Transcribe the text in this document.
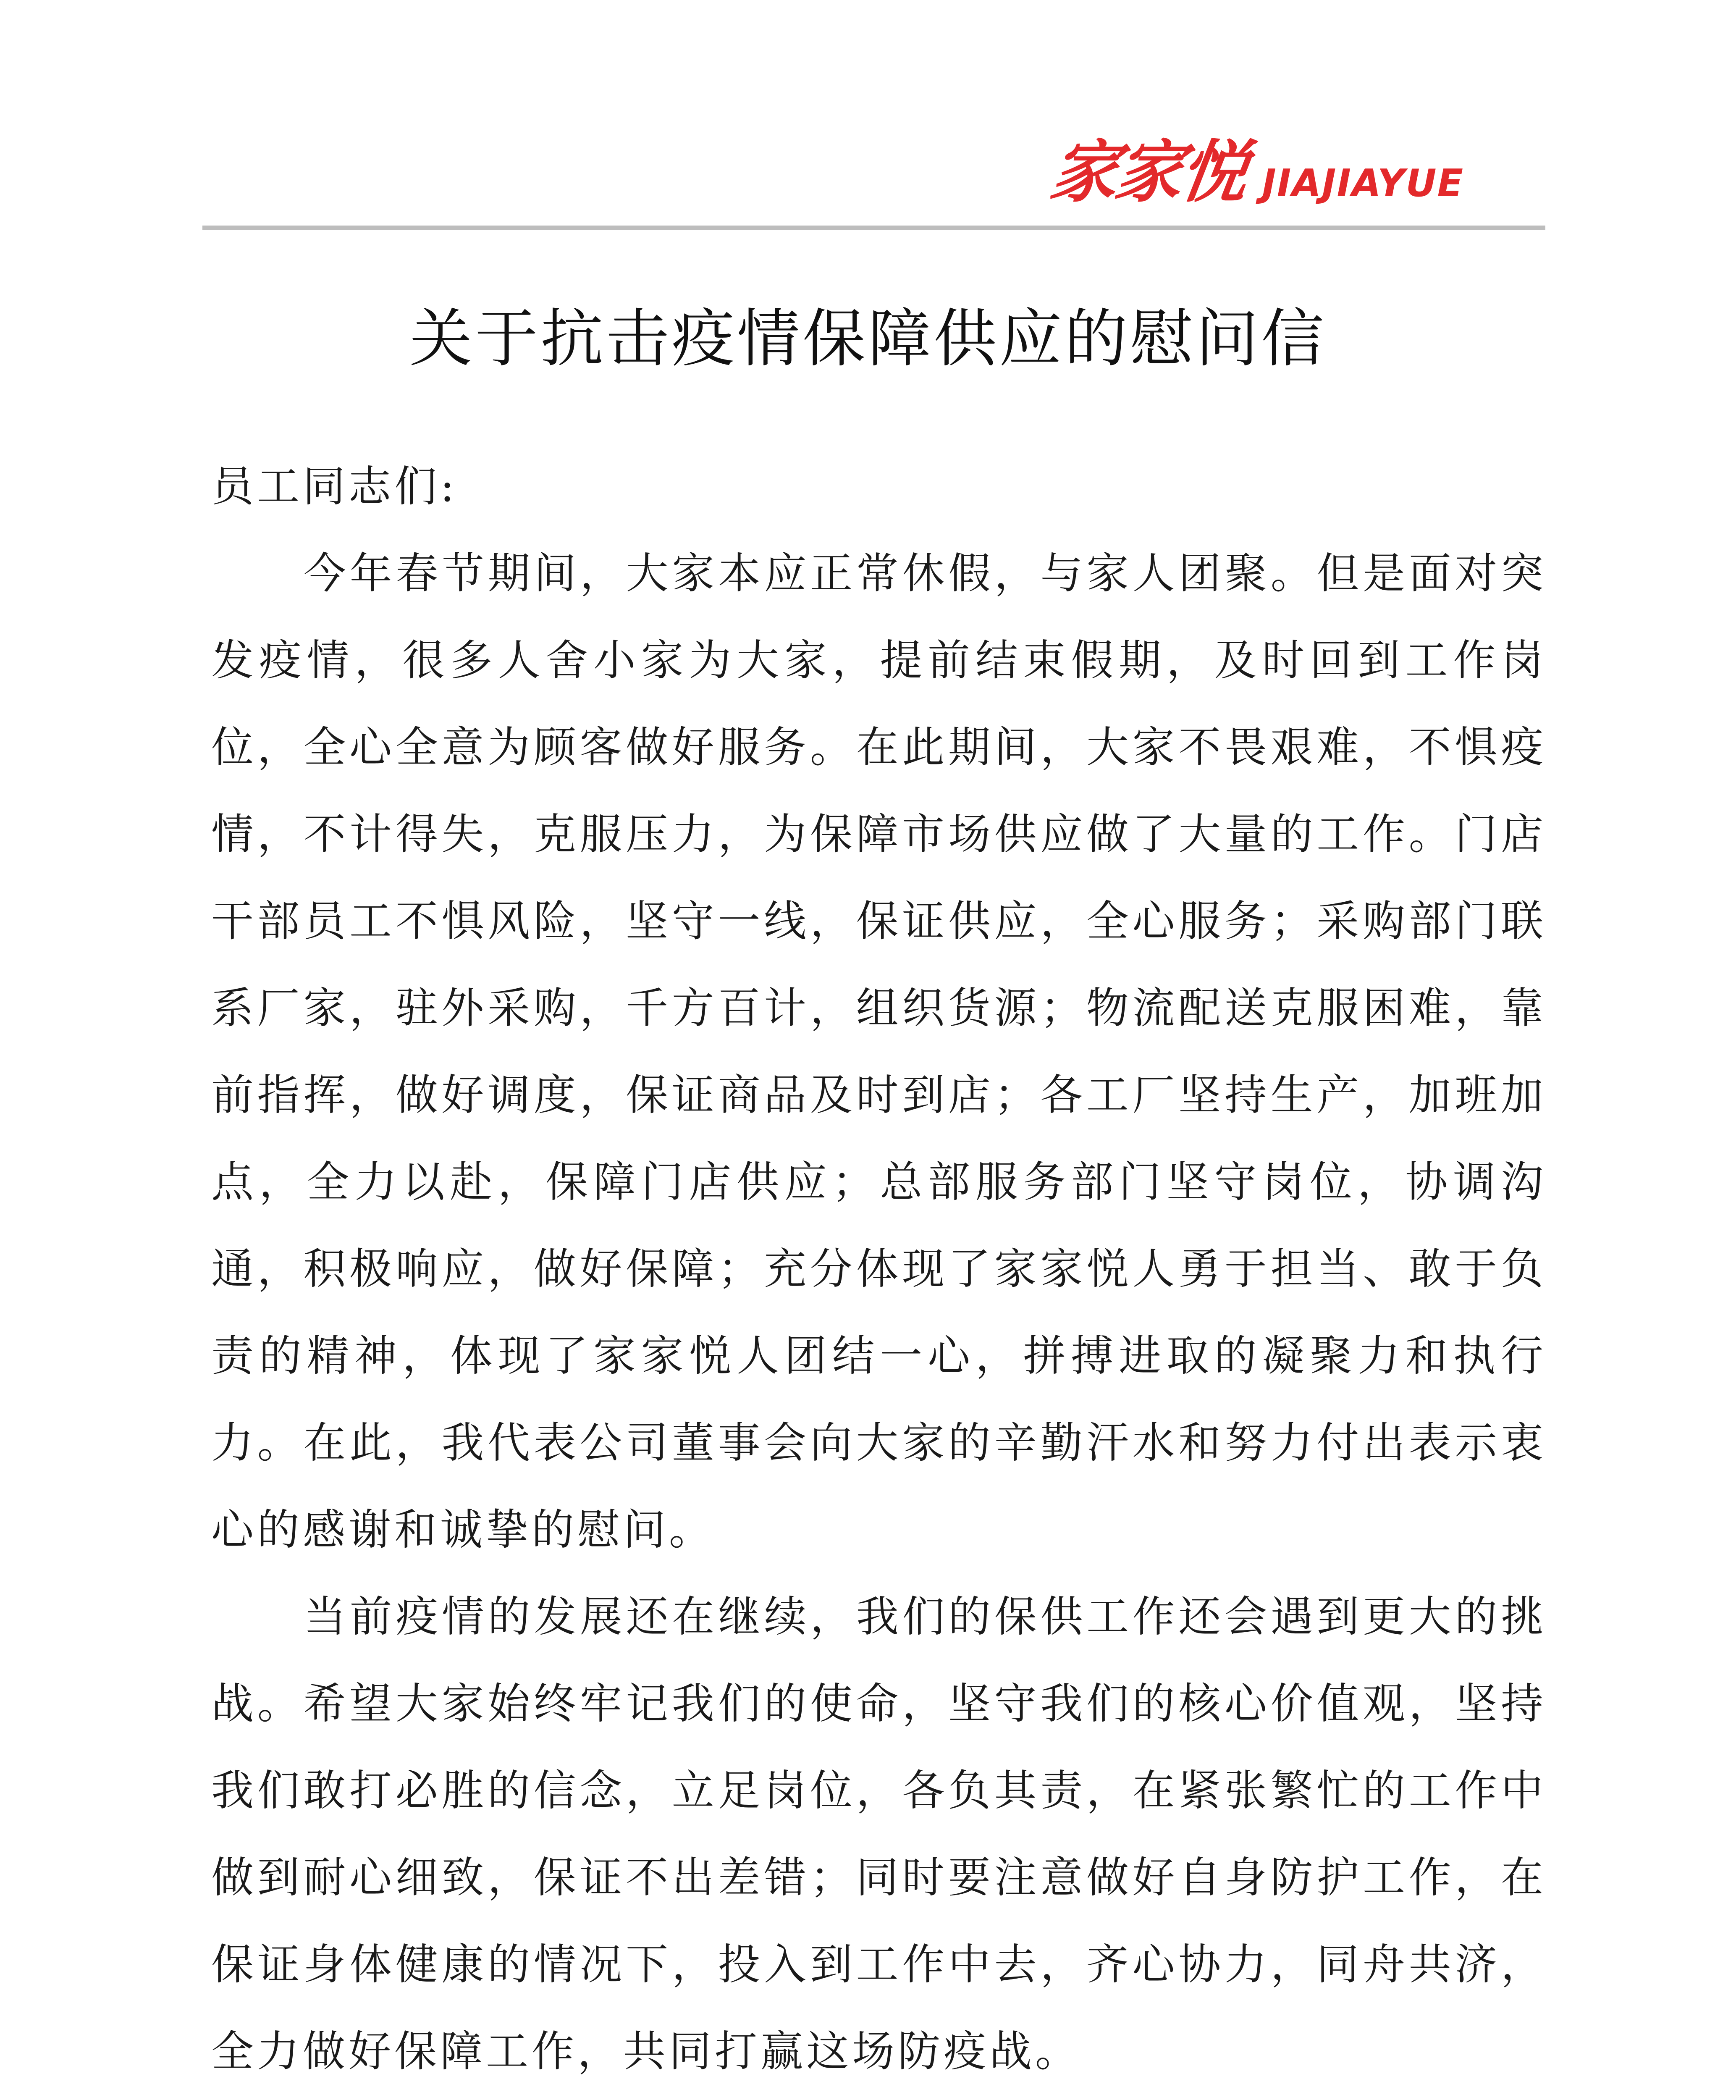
家家悦 JIAJIAYUE
关于抗击疫情保障供应的慰问信

员工同志们:

今年春节期间，大家本应正常休假，与家人团聚。但是面对突发疫情，很多人舍小家为大家，提前结束假期，及时回到工作岗位，全心全意为顾客做好服务。在此期间，大家不畏艰难，不惧疫情，不计得失，克服压力，为保障市场供应做了大量的工作。门店干部员工不惧风险，坚守一线，保证供应，全心服务；采购部门联系厂家，驻外采购，千方百计，组织货源；物流配送克服困难，靠前指挥，做好调度，保证商品及时到店；各工厂坚持生产，加班加点，全力以赴，保障门店供应；总部服务部门坚守岗位，协调沟通，积极响应，做好保障；充分体现了家家悦人勇于担当、敢于负责的精神，体现了家家悦人团结一心，拼搏进取的凝聚力和执行力。在此，我代表公司董事会向大家的辛勤汗水和努力付出表示衷心的感谢和诚挚的慰问。

当前疫情的发展还在继续，我们的保供工作还会遇到更大的挑战。希望大家始终牢记我们的使命，坚守我们的核心价值观，坚持我们敢打必胜的信念，立足岗位，各负其责，在紧张繁忙的工作中做到耐心细致，保证不出差错；同时要注意做好自身防护工作，在保证身体健康的情况下，投入到工作中去，齐心协力，同舟共济，全力做好保障工作，共同打赢这场防疫战。
